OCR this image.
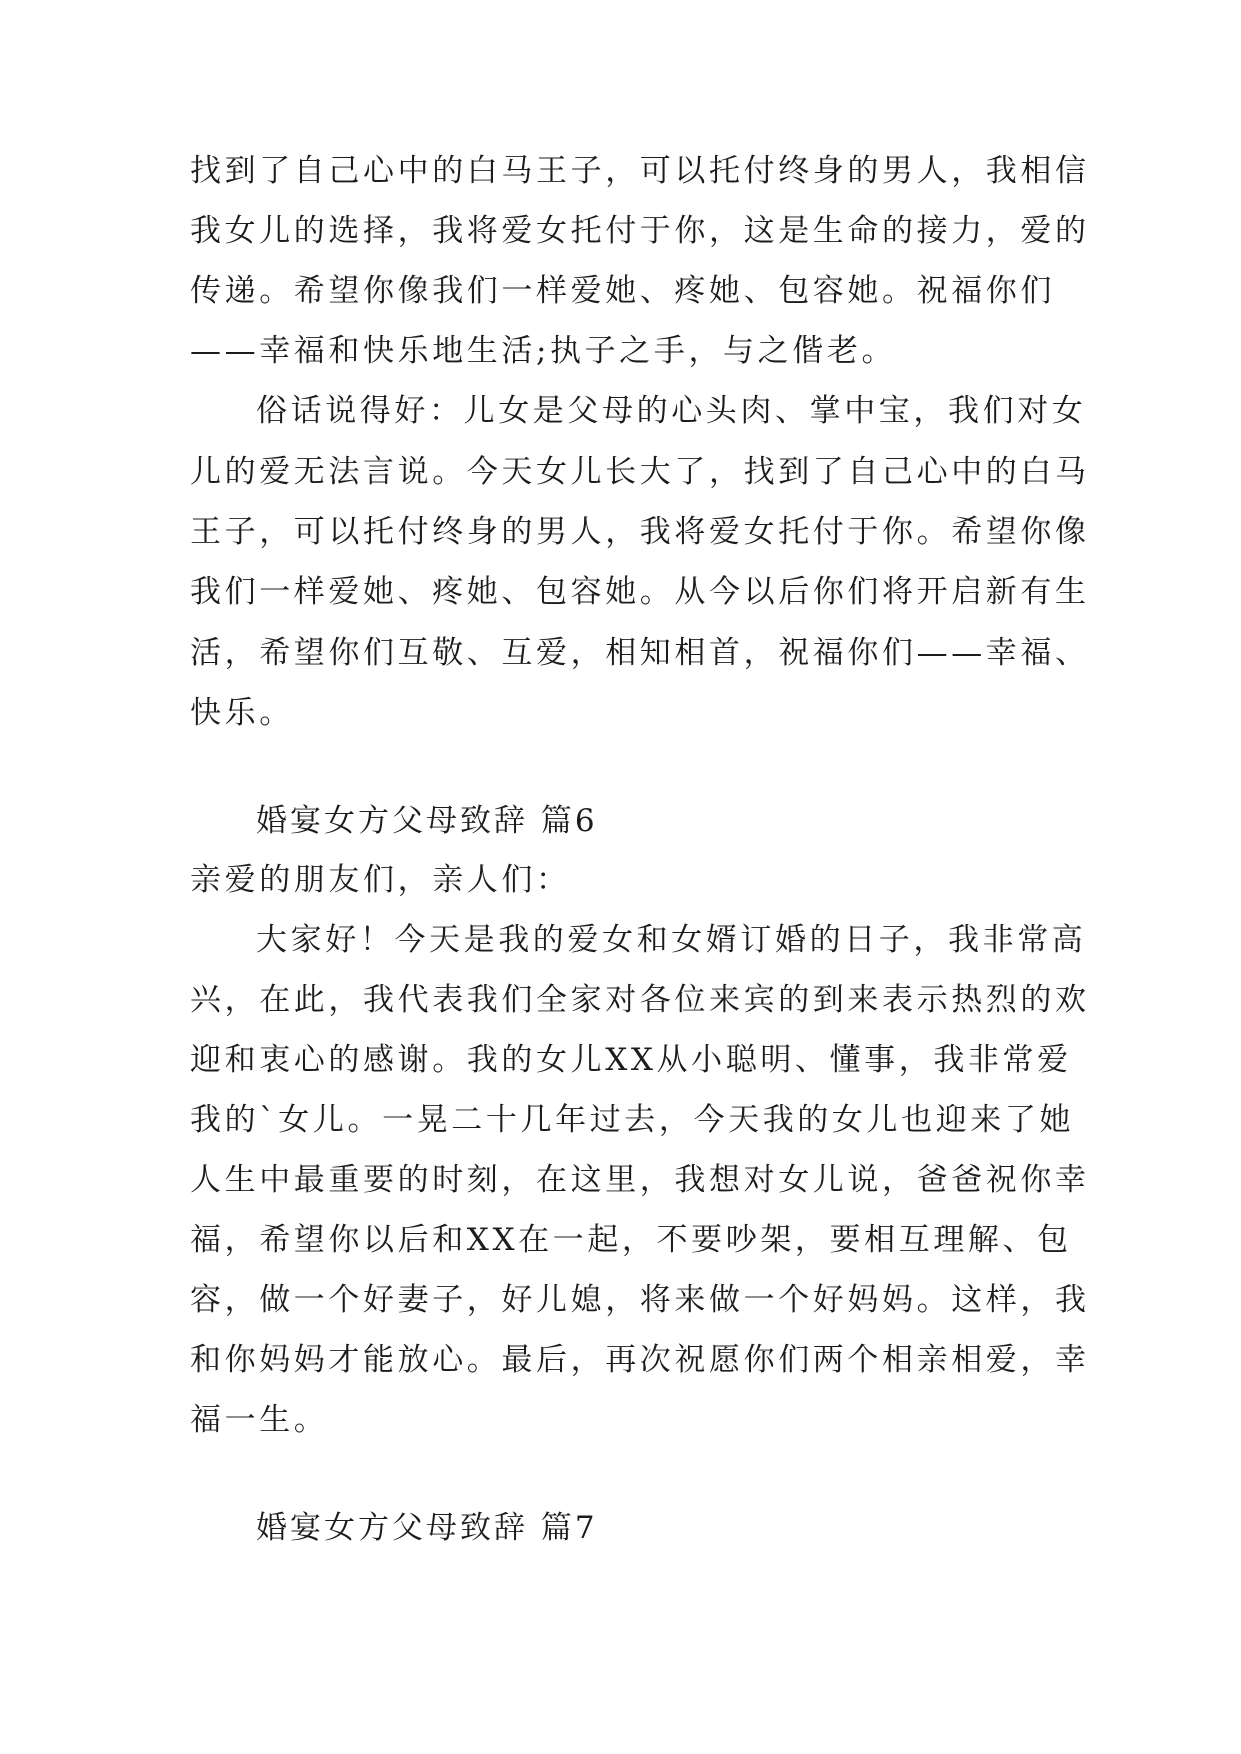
找到了自己心中的白马王子，可以托付终身的男人，我相信

我女儿的选择，我将爱女托付于你，这是生命的接力，爱的

传递。希望你像我们一样爱她、疼她、包容她。祝福你们

——幸福和快乐地生活;执子之手，与之偕老。

俗话说得好：儿女是父母的心头肉、掌中宝，我们对女

儿的爱无法言说。今天女儿长大了，找到了自己心中的白马

王子，可以托付终身的男人，我将爱女托付于你。希望你像

我们一样爱她、疼她、包容她。从今以后你们将开启新有生

活，希望你们互敬、互爱，相知相首，祝福你们——幸福、

快乐。

婚宴女方父母致辞 篇6

亲爱的朋友们，亲人们：

大家好！今天是我的爱女和女婿订婚的日子，我非常高

兴，在此，我代表我们全家对各位来宾的到来表示热烈的欢

迎和衷心的感谢。我的女儿XX从小聪明、懂事，我非常爱

我的`女儿。一晃二十几年过去，今天我的女儿也迎来了她

人生中最重要的时刻，在这里，我想对女儿说，爸爸祝你幸

福，希望你以后和XX在一起，不要吵架，要相互理解、包

容，做一个好妻子，好儿媳，将来做一个好妈妈。这样，我

和你妈妈才能放心。最后，再次祝愿你们两个相亲相爱，幸

福一生。

婚宴女方父母致辞 篇7
